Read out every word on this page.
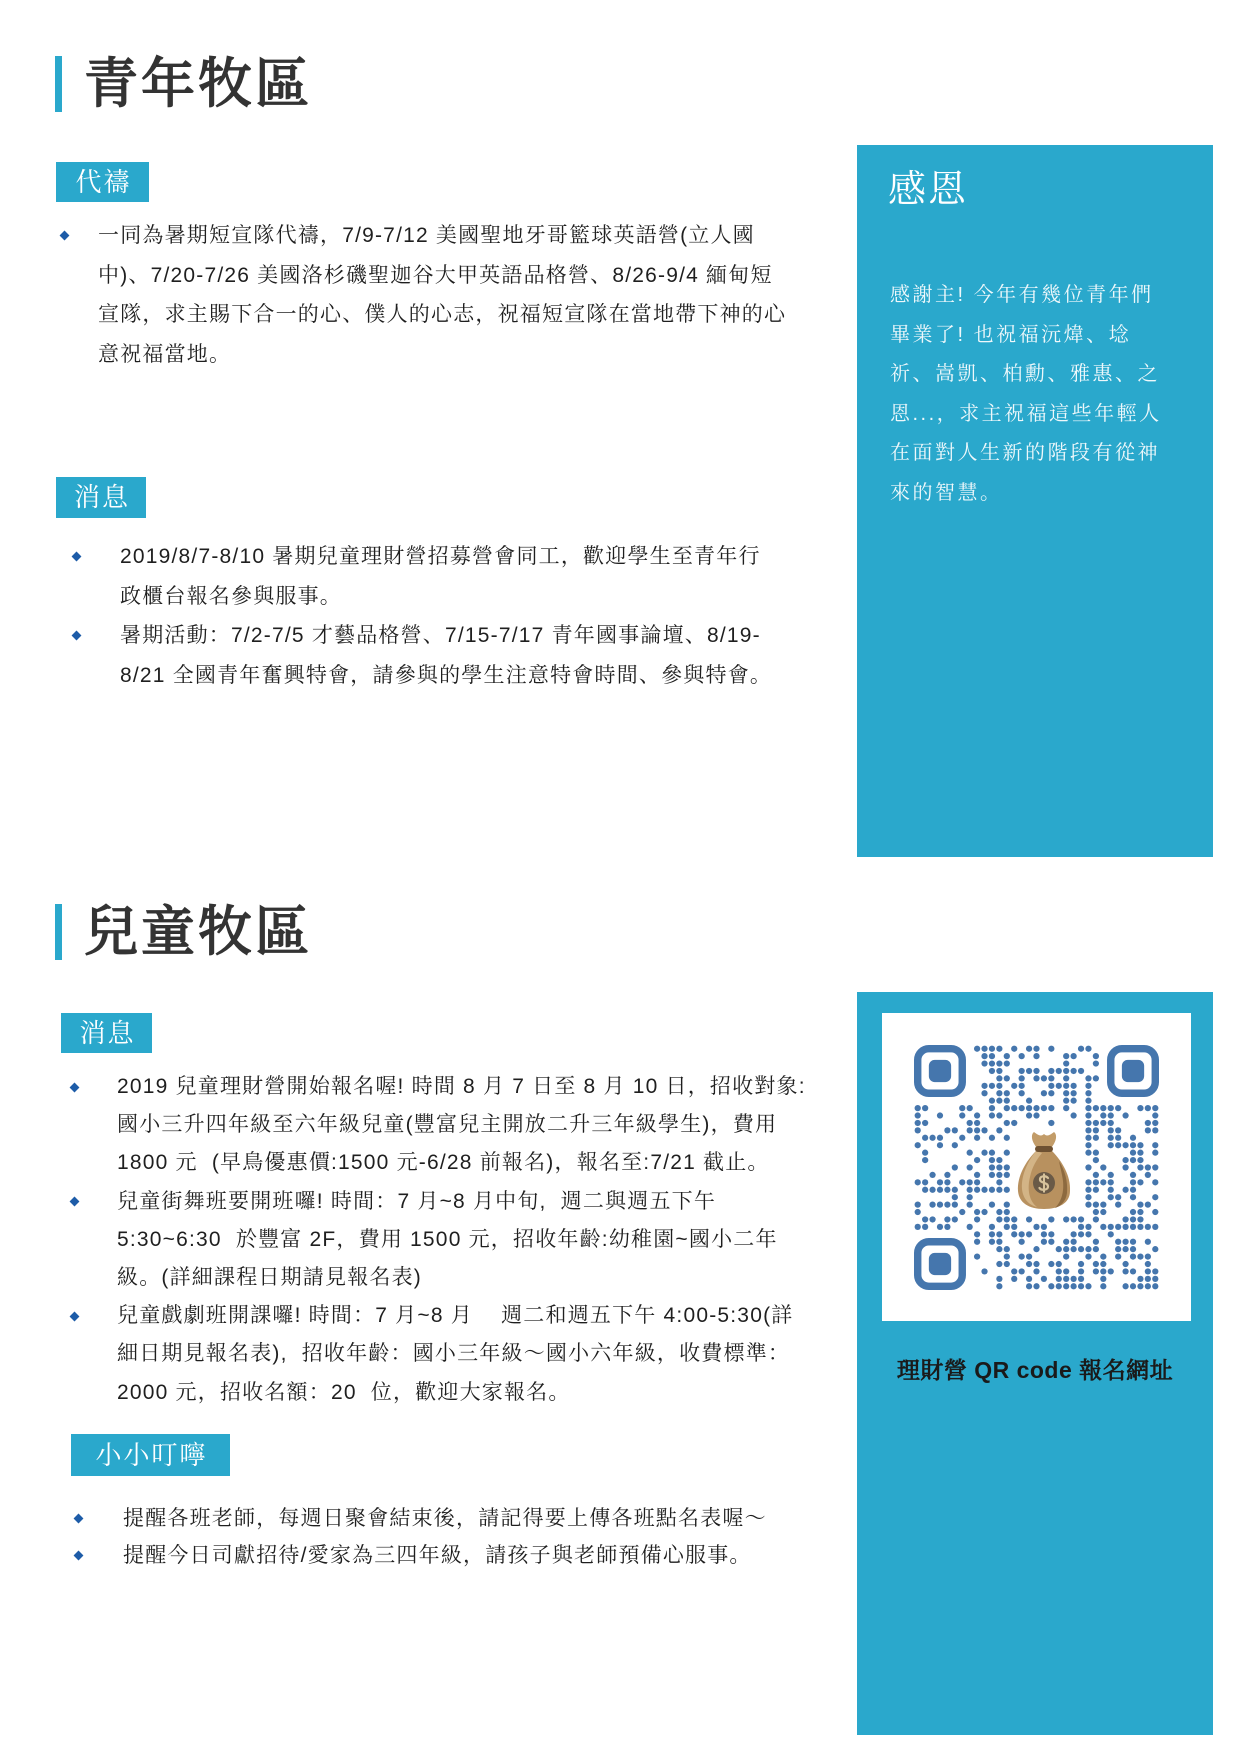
青年牧區
代禱
一同為暑期短宣隊代禱，7/9-7/12 美國聖地牙哥籃球英語營(立人國
中)、7/20-7/26 美國洛杉磯聖迦谷大甲英語品格營、8/26-9/4 緬甸短
宣隊，求主賜下合一的心、僕人的心志，祝福短宣隊在當地帶下神的心
意祝福當地。
消息
2019/8/7-8/10 暑期兒童理財營招募營會同工，歡迎學生至青年行
政櫃台報名參與服事。
暑期活動：7/2-7/5 才藝品格營、7/15-7/17 青年國事論壇、8/19-
8/21 全國青年奮興特會，請參與的學生注意特會時間、參與特會。
感恩
感謝主! 今年有幾位青年們
畢業了! 也祝福沅煒、埝
祈、嵩凱、柏勳、雅惠、之
恩...，求主祝福這些年輕人
在面對人生新的階段有從神
來的智慧。
兒童牧區
消息
2019 兒童理財營開始報名喔! 時間 8 月 7 日至 8 月 10 日，招收對象:
國小三升四年級至六年級兒童(豐富兒主開放二升三年級學生)，費用
1800 元  (早鳥優惠價:1500 元-6/28 前報名)，報名至:7/21 截止。
兒童街舞班要開班囉! 時間：7 月~8 月中旬,  週二與週五下午
5:30~6:30  於豐富 2F，費用 1500 元，招收年齡:幼稚園~國小二年
級。(詳細課程日期請見報名表)
兒童戲劇班開課囉! 時間：7 月~8 月    週二和週五下午 4:00-5:30(詳
細日期見報名表),  招收年齡：國小三年級～國小六年級，收費標準：
2000 元，招收名額：20  位，歡迎大家報名。
小小叮嚀
提醒各班老師，每週日聚會結束後，請記得要上傳各班點名表喔～
提醒今日司獻招待/愛家為三四年級，請孩子與老師預備心服事。
理財營 QR code 報名網址
